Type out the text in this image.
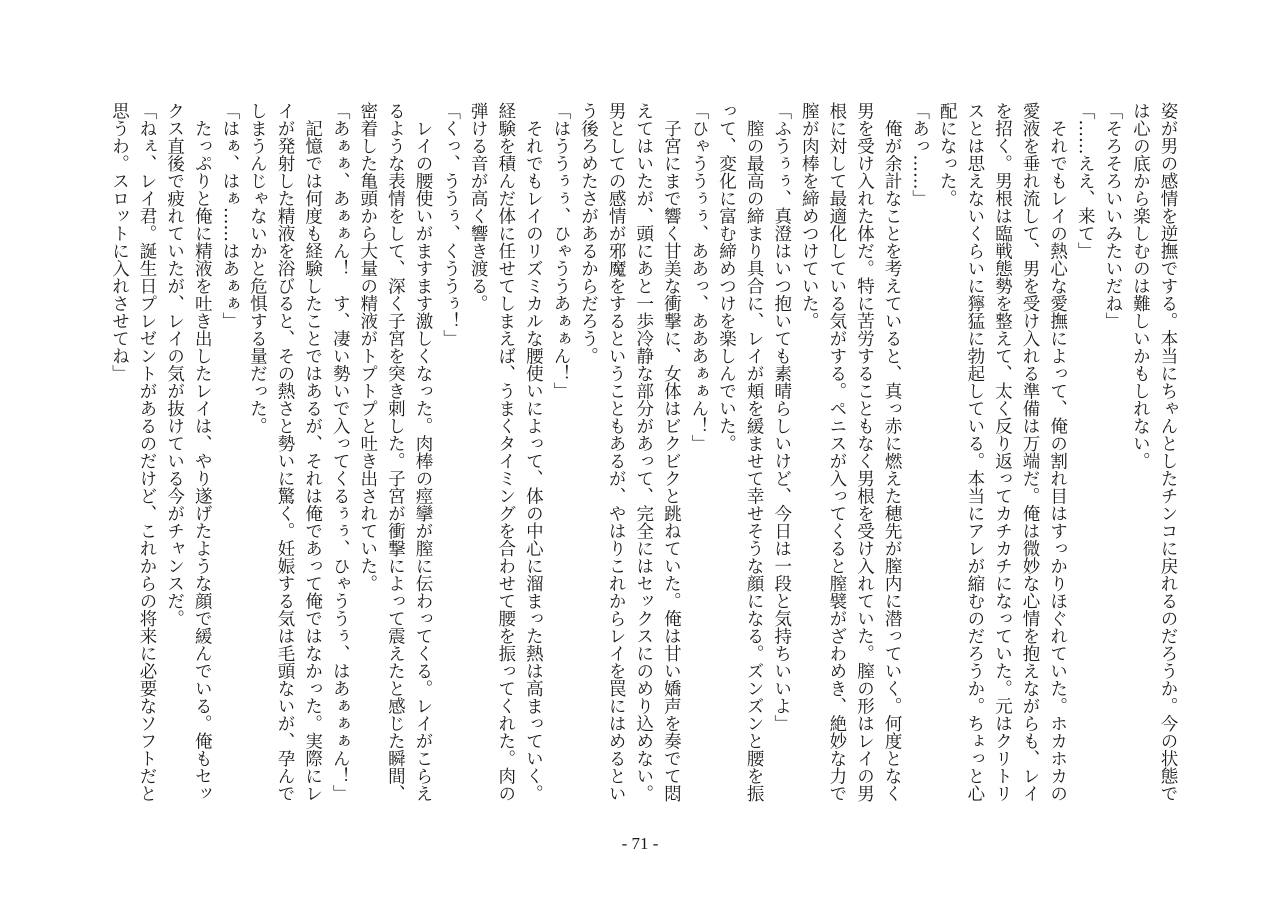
姿が男の感情を逆撫でする。本当にちゃんとしたチンコに戻れるのだろうか。今の状態で
は心の底から楽しむのは難しいかもしれない。
「そろそろいいみたいだね」
「……ええ、来て」
　それでもレイの熱心な愛撫によって、俺の割れ目はすっかりほぐれていた。ホカホカの
愛液を垂れ流して、男を受け入れる準備は万端だ。俺は微妙な心情を抱えながらも、レイ
を招く。男根は臨戦態勢を整えて、太く反り返ってカチカチになっていた。元はクリトリ
スとは思えないくらいに獰猛に勃起している。本当にアレが縮むのだろうか。ちょっと心
配になった。
「あっ……」
　俺が余計なことを考えていると、真っ赤に燃えた穂先が膣内に潜っていく。何度となく
男を受け入れた体だ。特に苦労することもなく男根を受け入れていた。膣の形はレイの男
根に対して最適化している気がする。ペニスが入ってくると膣襞がざわめき、絶妙な力で
膣が肉棒を締めつけていた。
「ふうぅぅ、真澄はいつ抱いても素晴らしいけど、今日は一段と気持ちいいよ」
　膣の最高の締まり具合に、レイが頬を緩ませて幸せそうな顔になる。ズンズンと腰を振
って、変化に富む締めつけを楽しんでいた。
「ひゃううぅぅ、ああっ、あああぁぁん！」
　子宮にまで響く甘美な衝撃に、女体はビクビクと跳ねていた。俺は甘い嬌声を奏でて悶
えてはいたが、頭にあと一歩冷静な部分があって、完全にはセックスにのめり込めない。
男としての感情が邪魔をするということもあるが、やはりこれからレイを罠にはめるとい
う後ろめたさがあるからだろう。
「はううぅぅ、ひゃううあぁぁん！」
　それでもレイのリズミカルな腰使いによって、体の中心に溜まった熱は高まっていく。
経験を積んだ体に任せてしまえば、うまくタイミングを合わせて腰を振ってくれた。肉の
弾ける音が高く響き渡る。
「くっ、ううぅ、くううぅ！」
　レイの腰使いがますます激しくなった。肉棒の痙攣が膣に伝わってくる。レイがこらえ
るような表情をして、深く子宮を突き刺した。子宮が衝撃によって震えたと感じた瞬間、
密着した亀頭から大量の精液がトプトプと吐き出されていた。
「あぁぁ、あぁぁん！　す、凄い勢いで入ってくるぅぅ、ひゃううぅ、はあぁぁぁん！」
　記憶では何度も経験したことではあるが、それは俺であって俺ではなかった。実際にレ
イが発射した精液を浴びると、その熱さと勢いに驚く。妊娠する気は毛頭ないが、孕んで
しまうんじゃないかと危惧する量だった。
「はぁ、はぁ……はあぁぁ」
　たっぷりと俺に精液を吐き出したレイは、やり遂げたような顔で緩んでいる。俺もセッ
クス直後で疲れていたが、レイの気が抜けている今がチャンスだ。
「ねぇ、レイ君。誕生日プレゼントがあるのだけど、これからの将来に必要なソフトだと
思うわ。スロットに入れさせてね」
- 71 -
